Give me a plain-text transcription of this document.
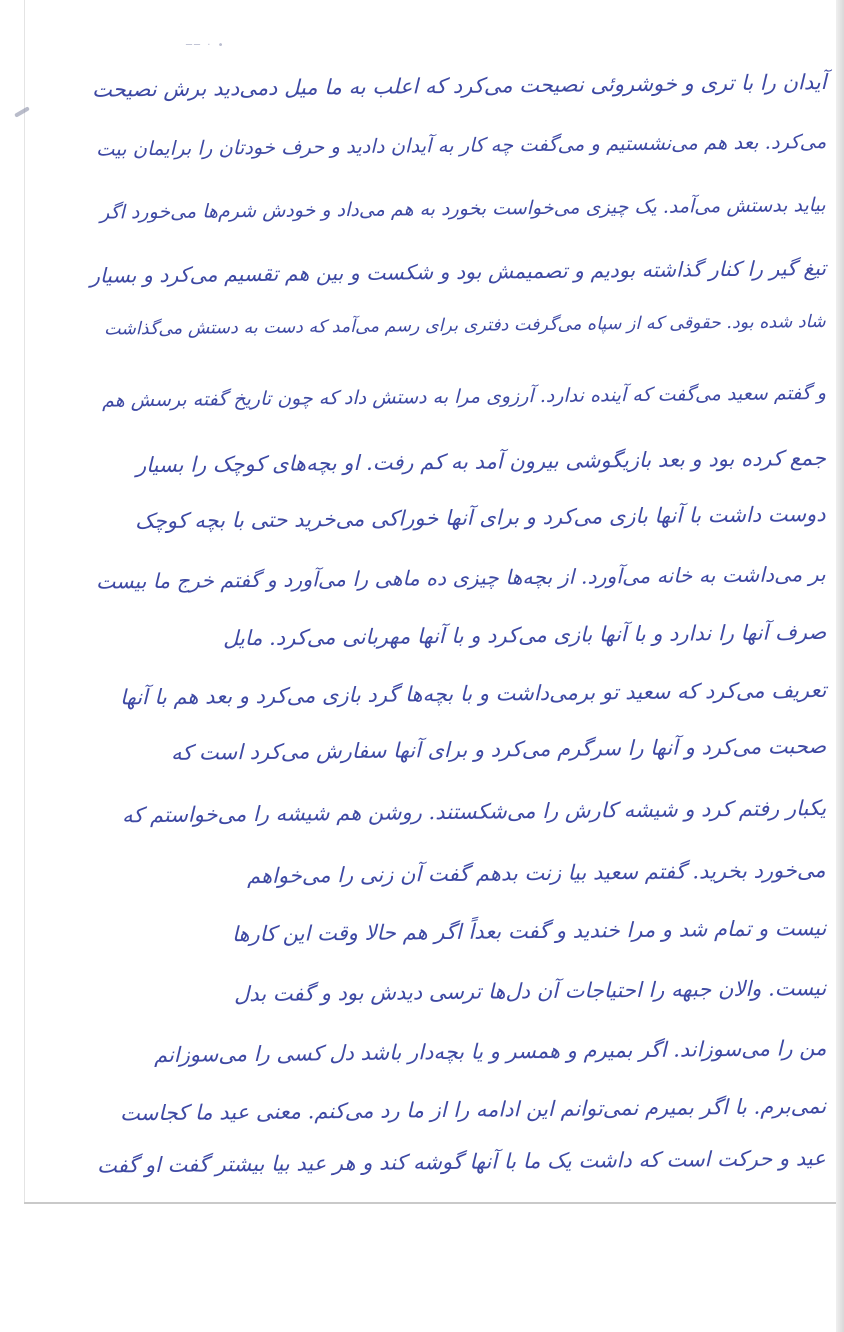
── · •
آیدان را با تری و خوشروئی نصیحت می‌کرد که اعلب به ما میل دمی‌دید برش نصیحت
می‌کرد. بعد هم می‌نشستیم و می‌گفت چه کار به آیدان دادید و حرف خودتان را برایمان بیت
بیاید بدستش می‌آمد. یک چیزی می‌خواست بخورد به هم می‌داد و خودش شرم‌ها می‌خورد اگر
تیغ گیر را کنار گذاشته بودیم و تصمیمش بود و شکست و بین هم تقسیم می‌کرد و بسیار
شاد شده بود. حقوقی که از سپاه می‌گرفت دفتری برای رسم می‌آمد که دست به دستش می‌گذاشت
و گفتم سعید می‌گفت که آینده ندارد. آرزوی مرا به دستش داد که چون تاریخ گفته برسش هم
جمع کرده بود و بعد بازیگوشی بیرون آمد به کم رفت. او بچه‌های کوچک را بسیار
دوست داشت با آنها بازی می‌کرد و برای آنها خوراکی می‌خرید حتی با بچه کوچک
بر می‌داشت به خانه می‌آورد. از بچه‌ها چیزی ده ماهی را می‌آورد و گفتم خرج ما بیست
صرف آنها را ندارد و با آنها بازی می‌کرد و با آنها مهربانی می‌کرد. مایل
تعریف می‌کرد که سعید تو برمی‌داشت و با بچه‌ها گرد بازی می‌کرد و بعد هم با آنها
صحبت می‌کرد و آنها را سرگرم می‌کرد و برای آنها سفارش می‌کرد است که
یکبار رفتم کرد و شیشه کارش را می‌شکستند. روشن هم شیشه را می‌خواستم که
می‌خورد بخرید. گفتم سعید بیا زنت بدهم گفت آن زنی را می‌خواهم
نیست و تمام شد و مرا خندید و گفت بعداً اگر هم حالا وقت این کارها
نیست. والان جبهه را احتیاجات آن دل‌ها ترسی دیدش بود و گفت بدل
من را می‌سوزاند. اگر بمیرم و همسر و یا بچه‌دار باشد دل کسی را می‌سوزانم
نمی‌برم. با اگر بمیرم نمی‌توانم این ادامه را از ما رد می‌کنم. معنی عید ما کجاست
عید و حرکت است که داشت یک ما با آنها گوشه کند و هر عید بیا بیشتر گفت او گفت
